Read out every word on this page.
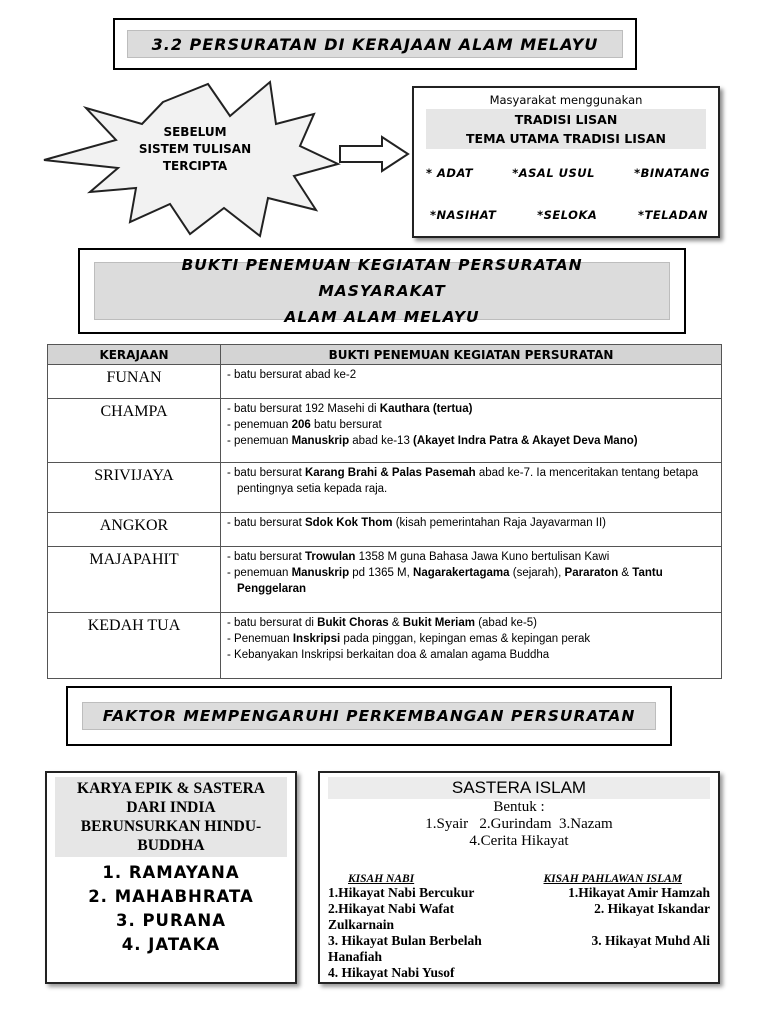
3.2 PERSURATAN DI KERAJAAN ALAM MELAYU
SEBELUM
SISTEM TULISAN
TERCIPTA
Masyarakat menggunakan
TRADISI LISAN
TEMA UTAMA TRADISI LISAN
* ADAT	*ASAL USUL	*BINATANG
*NASIHAT	*SELOKA	*TELADAN
BUKTI PENEMUAN KEGIATAN PERSURATAN MASYARAKAT
ALAM ALAM MELAYU
KERAJAAN	BUKTI PENEMUAN KEGIATAN PERSURATAN
FUNAN	- batu bersurat abad ke-2

CHAMPA	- batu bersurat 192 Masehi di Kauthara (tertua)
- penemuan 206 batu bersurat
- penemuan Manuskrip abad ke-13 (Akayet Indra Patra & Akayet Deva Mano)

SRIVIJAYA	- batu bersurat Karang Brahi & Palas Pasemah abad ke-7. Ia menceritakan tentang betapa pentingnya setia kepada raja.

ANGKOR	- batu bersurat Sdok Kok Thom (kisah pemerintahan Raja Jayavarman II)

MAJAPAHIT	- batu bersurat Trowulan 1358 M guna Bahasa Jawa Kuno bertulisan Kawi
- penemuan Manuskrip pd 1365 M, Nagarakertagama (sejarah), Pararaton & Tantu Penggelaran

KEDAH TUA	- batu bersurat di Bukit Choras & Bukit Meriam (abad ke-5)
- Penemuan Inskripsi pada pinggan, kepingan emas & kepingan perak
- Kebanyakan Inskripsi berkaitan doa & amalan agama Buddha
FAKTOR MEMPENGARUHI PERKEMBANGAN PERSURATAN
KARYA EPIK & SASTERA
DARI INDIA
BERUNSURKAN HINDU-
BUDDHA
1. RAMAYANA
2. MAHABHRATA
3. PURANA
4. JATAKA
SASTERA ISLAM
Bentuk :
1.Syair   2.Gurindam  3.Nazam
4.Cerita Hikayat
KISAH NABI	KISAH PAHLAWAN ISLAM
1.Hikayat Nabi Bercukur	1.Hikayat Amir Hamzah
2.Hikayat Nabi Wafat	2. Hikayat Iskandar
Zulkarnain
3. Hikayat Bulan Berbelah	3. Hikayat Muhd Ali
Hanafiah
4. Hikayat Nabi Yusof
